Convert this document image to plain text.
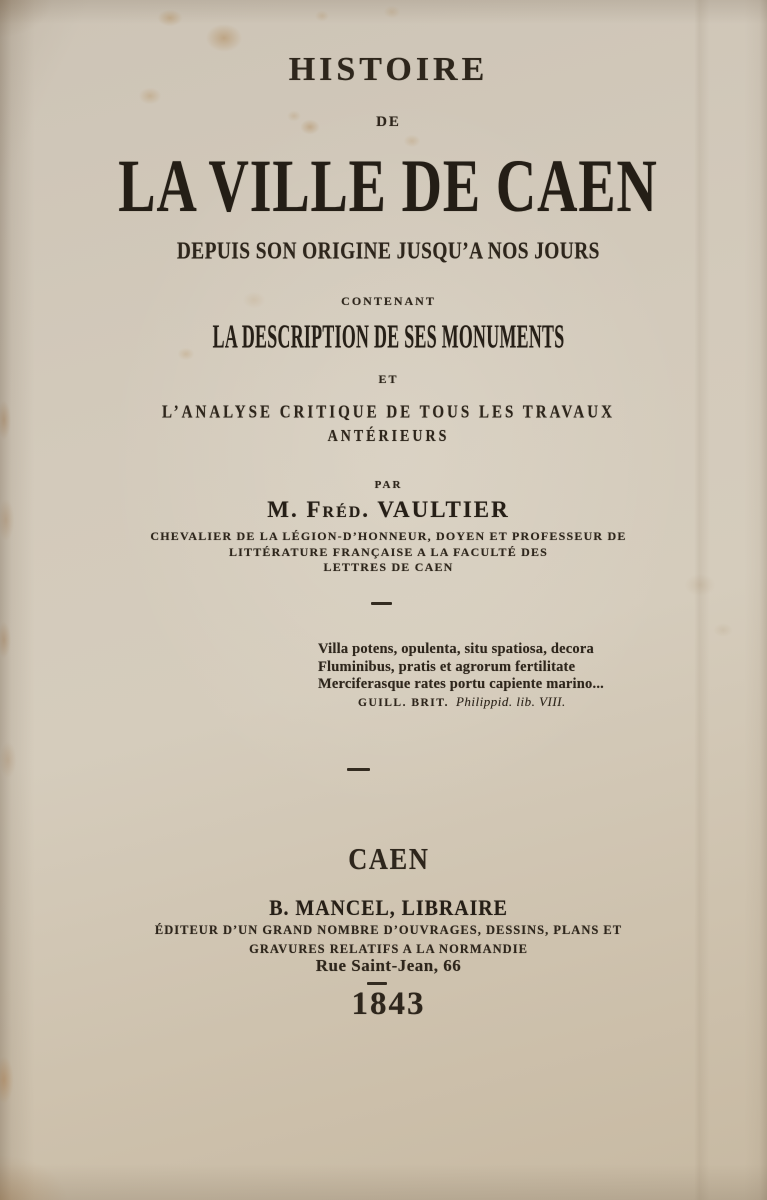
HISTOIRE
DE
LA VILLE DE CAEN
DEPUIS SON ORIGINE JUSQU’A NOS JOURS
CONTENANT
LA DESCRIPTION DE SES MONUMENTS
ET
L’ANALYSE CRITIQUE DE TOUS LES TRAVAUX
ANTÉRIEURS
PAR
M. Fréd. VAULTIER
CHEVALIER DE LA LÉGION-D’HONNEUR, DOYEN ET PROFESSEUR DE
LITTÉRATURE FRANÇAISE A LA FACULTÉ DES
LETTRES DE CAEN
Villa potens, opulenta, situ spatiosa, decora
Fluminibus, pratis et agrorum fertilitate
Merciferasque rates portu capiente marino...
GUILL. BRIT. Philippid. lib. VIII.
CAEN
B. MANCEL, LIBRAIRE
ÉDITEUR D’UN GRAND NOMBRE D’OUVRAGES, DESSINS, PLANS ET
GRAVURES RELATIFS A LA NORMANDIE
Rue Saint-Jean, 66
1843
